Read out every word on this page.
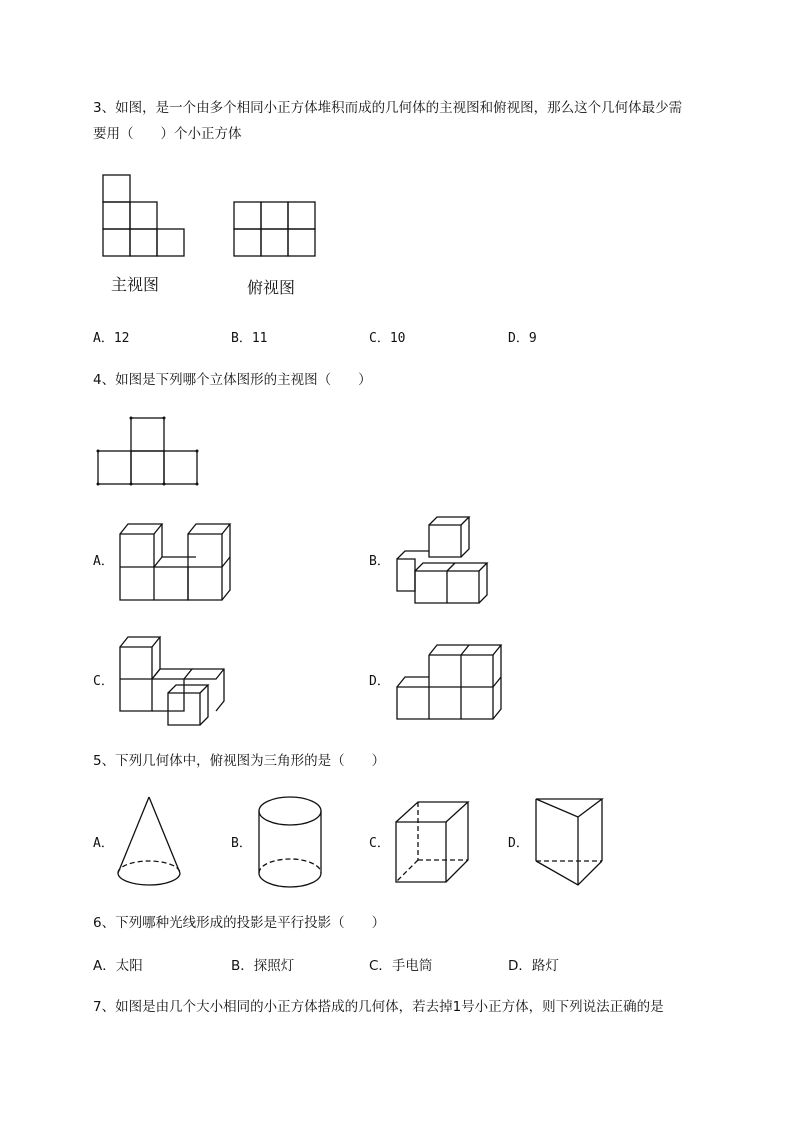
3、如图，是一个由多个相同小正方体堆积而成的几何体的主视图和俯视图，那么这个几何体最少需
要用（　　）个小正方体
主视图	俯视图
A．12	B．11	C．10	D．9
4、如图是下列哪个立体图形的主视图（　　）
A．	B．
C．	D．
5、下列几何体中，俯视图为三角形的是（　　）
A．	B．	C．	D．
6、下列哪种光线形成的投影是平行投影（　　）
A．太阳	B．探照灯	C．手电筒	D．路灯
7、如图是由几个大小相同的小正方体搭成的几何体，若去掉1号小正方体，则下列说法正确的是
